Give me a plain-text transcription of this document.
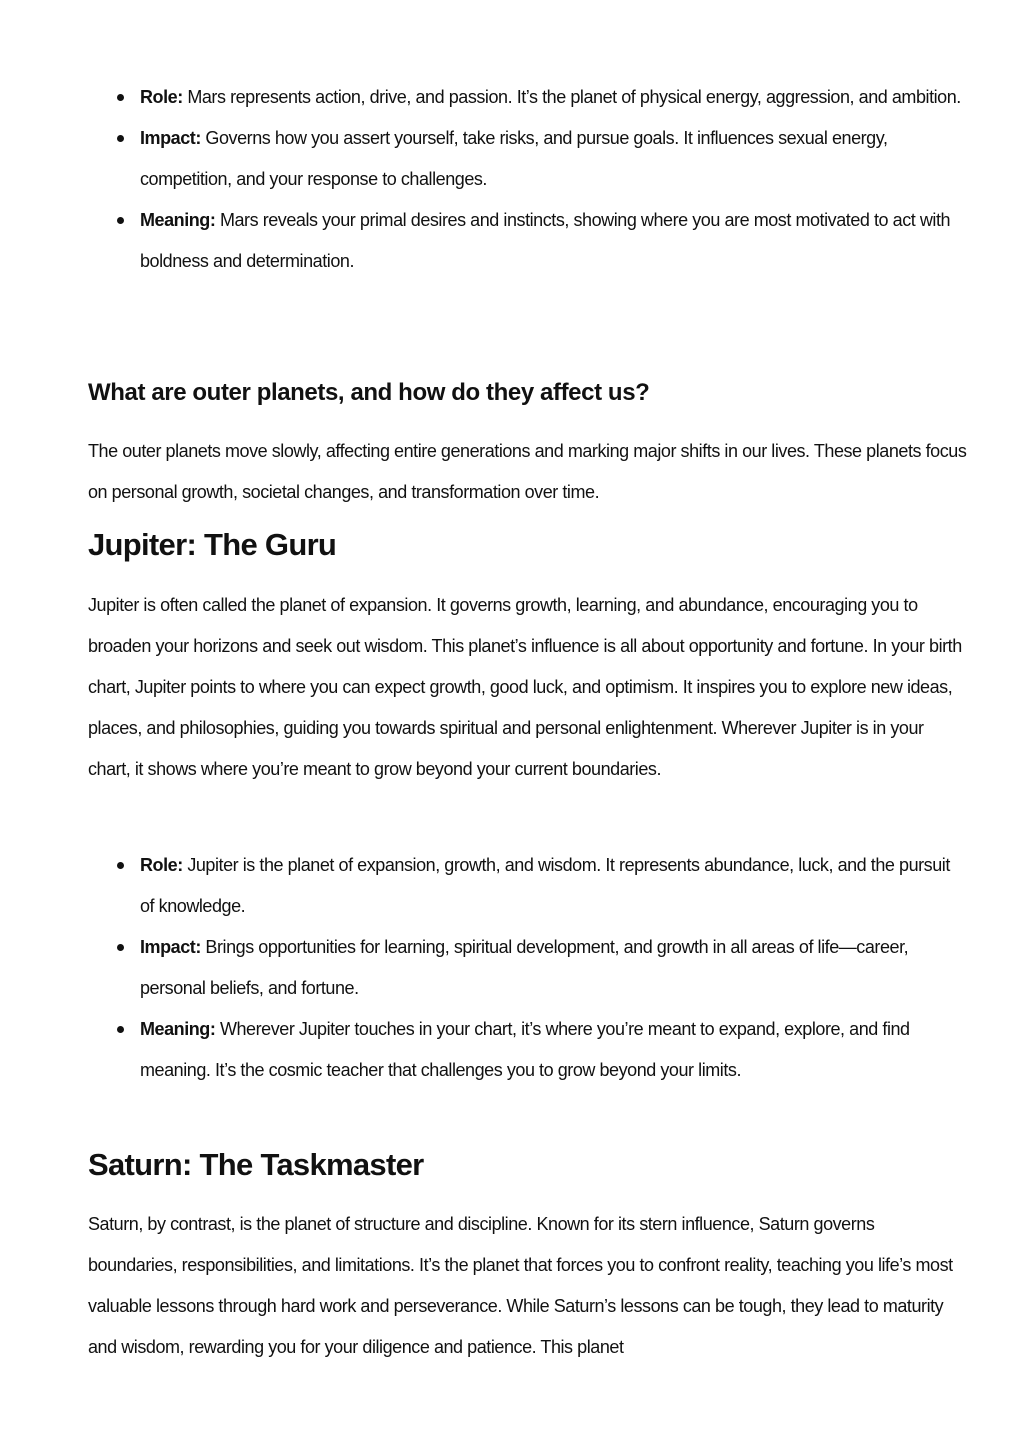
Role: Mars represents action, drive, and passion. It’s the planet of physical energy, aggression, and ambition.
Impact: Governs how you assert yourself, take risks, and pursue goals. It influences sexual energy, competition, and your response to challenges.
Meaning: Mars reveals your primal desires and instincts, showing where you are most motivated to act with boldness and determination.
What are outer planets, and how do they affect us?

The outer planets move slowly, affecting entire generations and marking major shifts in our lives. These planets focus on personal growth, societal changes, and transformation over time.

Jupiter: The Guru

Jupiter is often called the planet of expansion. It governs growth, learning, and abundance, encouraging you to broaden your horizons and seek out wisdom. This planet’s influence is all about opportunity and fortune. In your birth chart, Jupiter points to where you can expect growth, good luck, and optimism. It inspires you to explore new ideas, places, and philosophies, guiding you towards spiritual and personal enlightenment. Wherever Jupiter is in your chart, it shows where you’re meant to grow beyond your current boundaries.

Role: Jupiter is the planet of expansion, growth, and wisdom. It represents abundance, luck, and the pursuit of knowledge.
Impact: Brings opportunities for learning, spiritual development, and growth in all areas of life—career, personal beliefs, and fortune.
Meaning: Wherever Jupiter touches in your chart, it’s where you’re meant to expand, explore, and find meaning. It’s the cosmic teacher that challenges you to grow beyond your limits.
Saturn: The Taskmaster

Saturn, by contrast, is the planet of structure and discipline. Known for its stern influence, Saturn governs boundaries, responsibilities, and limitations. It’s the planet that forces you to confront reality, teaching you life’s most valuable lessons through hard work and perseverance. While Saturn’s lessons can be tough, they lead to maturity and wisdom, rewarding you for your diligence and patience. This planet
